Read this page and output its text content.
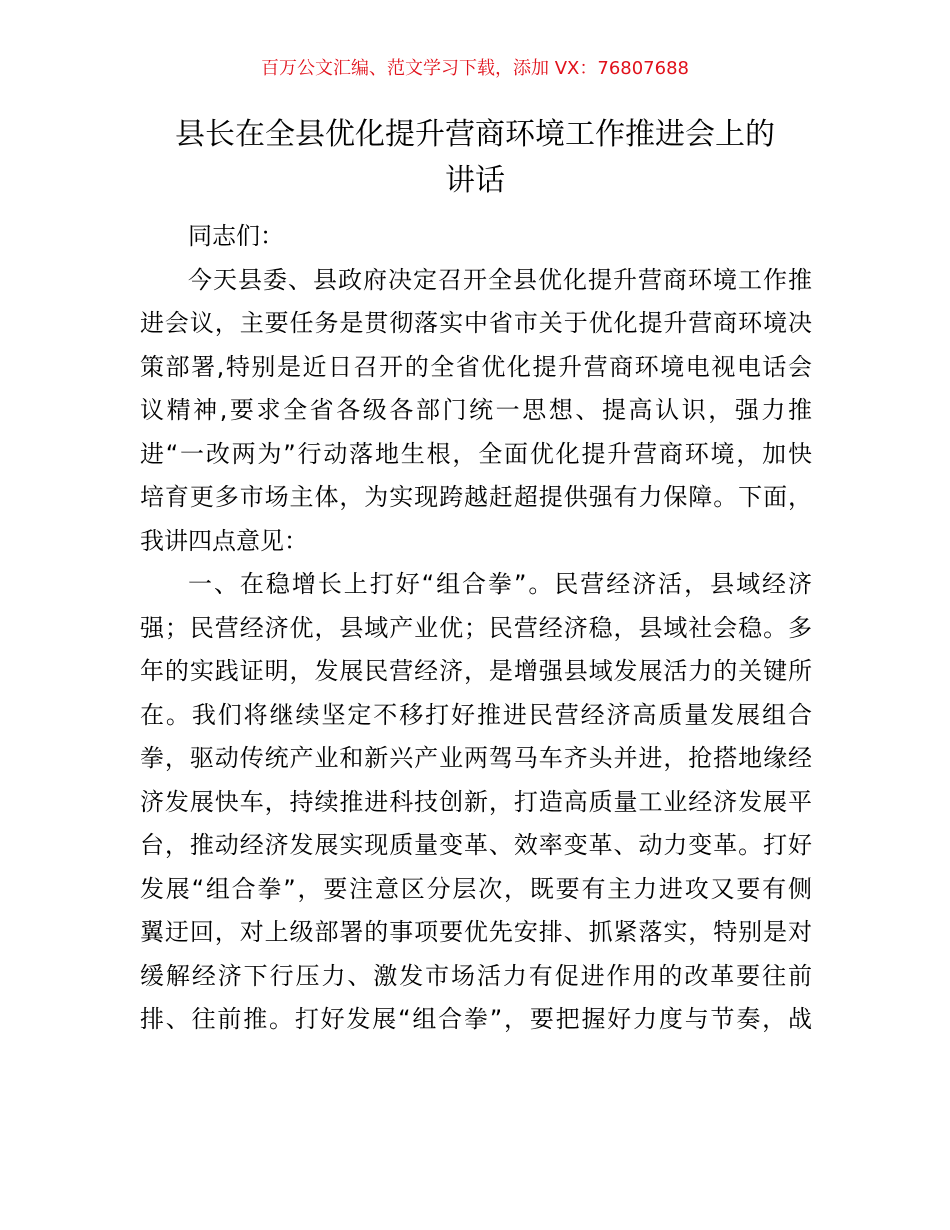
百万公文汇编、范文学习下载，添加 VX：76807688
县长在全县优化提升营商环境工作推进会上的
讲话
同志们：
今天县委、县政府决定召开全县优化提升营商环境工作推
进会议，主要任务是贯彻落实中省市关于优化提升营商环境决
策部署,特别是近日召开的全省优化提升营商环境电视电话会
议精神,要求全省各级各部门统一思想、提高认识，强力推
进“一改两为”行动落地生根，全面优化提升营商环境，加快
培育更多市场主体，为实现跨越赶超提供强有力保障。下面，
我讲四点意见：
一、在稳增长上打好“组合拳”。民营经济活，县域经济
强；民营经济优，县域产业优；民营经济稳，县域社会稳。多
年的实践证明，发展民营经济，是增强县域发展活力的关键所
在。我们将继续坚定不移打好推进民营经济高质量发展组合
拳，驱动传统产业和新兴产业两驾马车齐头并进，抢搭地缘经
济发展快车，持续推进科技创新，打造高质量工业经济发展平
台，推动经济发展实现质量变革、效率变革、动力变革。打好
发展“组合拳”，要注意区分层次，既要有主力进攻又要有侧
翼迂回，对上级部署的事项要优先安排、抓紧落实，特别是对
缓解经济下行压力、激发市场活力有促进作用的改革要往前
排、往前推。打好发展“组合拳”，要把握好力度与节奏，战
